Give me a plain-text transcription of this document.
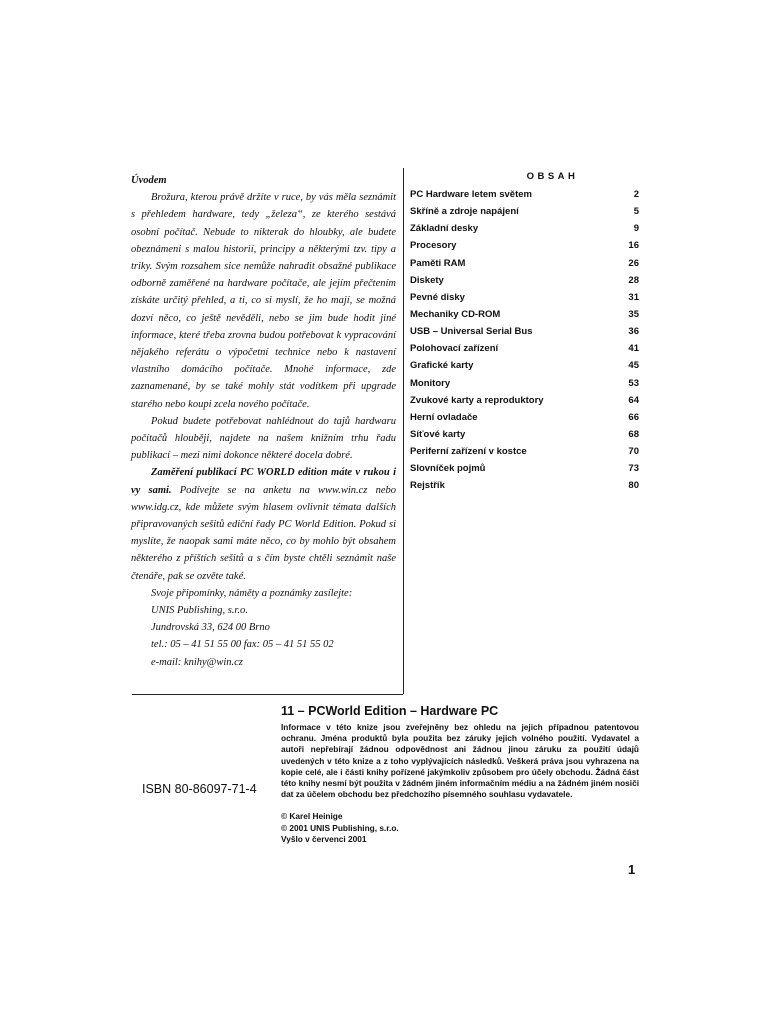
Úvodem

Brožura, kterou právě držíte v ruce, by vás měla seznámit s přehledem hardware, tedy „železa“, ze kterého sestává osobní počítač. Nebude to nikterak do hloubky, ale budete obeznámeni s malou historií, principy a některými tzv. tipy a triky. Svým rozsahem sice nemůže nahradit obsažné publikace odborně zaměřené na hardware počítače, ale jejím přečtením získáte určitý přehled, a ti, co si myslí, že ho mají, se možná dozví něco, co ještě nevěděli, nebo se jim bude hodit jiné informace, které třeba zrovna budou potřebovat k vypracování nějakého referátu o výpočetní technice nebo k nastavení vlastního domácího počítače. Mnohé informace, zde zaznamenané, by se také mohly stát vodítkem při upgrade starého nebo koupi zcela nového počítače.

Pokud budete potřebovat nahlédnout do tajů hardwaru počítačů hlouběji, najdete na našem knižním trhu řadu publikací – mezi nimi dokonce některé docela dobré.

Zaměření publikací PC WORLD edition máte v rukou i vy sami. Podívejte se na anketu na www.win.cz nebo www.idg.cz, kde můžete svým hlasem ovlivnit témata dalších připravovaných sešitů ediční řady PC World Edition. Pokud si myslíte, že naopak sami máte něco, co by mohlo být obsahem některého z příštích sešitů a s čím byste chtěli seznámit naše čtenáře, pak se ozvěte také.

Svoje připomínky, náměty a poznámky zasílejte:
UNIS Publishing, s.r.o.
Jundrovská 33, 624 00 Brno
tel.: 05 – 41 51 55 00 fax: 05 – 41 51 55 02
e-mail: knihy@win.cz

OBSAH
PC Hardware letem světem	2
Skříně a zdroje napájení	5
Základní desky	9
Procesory	16
Paměti RAM	26
Diskety	28
Pevné disky	31
Mechaniky CD-ROM	35
USB – Universal Serial Bus	36
Polohovací zařízení	41
Grafické karty	45
Monitory	53
Zvukové karty a reproduktory	64
Herní ovladače	66
Síťové karty	68
Periferní zařízení v kostce	70
Slovníček pojmů	73
Rejstřík	80
ISBN 80-86097-71-4

11 – PCWorld Edition – Hardware PC

Informace v této knize jsou zveřejněny bez ohledu na jejich případnou patentovou ochranu. Jména produktů byla použita bez záruky jejich volného použití. Vydavatel a autoři nepřebírají žádnou odpovědnost ani žádnou jinou záruku za použití údajů uvedených v této knize a z toho vyplývajících následků. Veškerá práva jsou vyhrazena na kopie celé, ale i části knihy pořízené jakýmkoliv způsobem pro účely obchodu. Žádná část této knihy nesmí být použita v žádném jiném informačním médiu a na žádném jiném nosiči dat za účelem obchodu bez předchozího písemného souhlasu vydavatele.

© Karel Heinige
© 2001 UNIS Publishing, s.r.o.
Vyšlo v červenci 2001
1
